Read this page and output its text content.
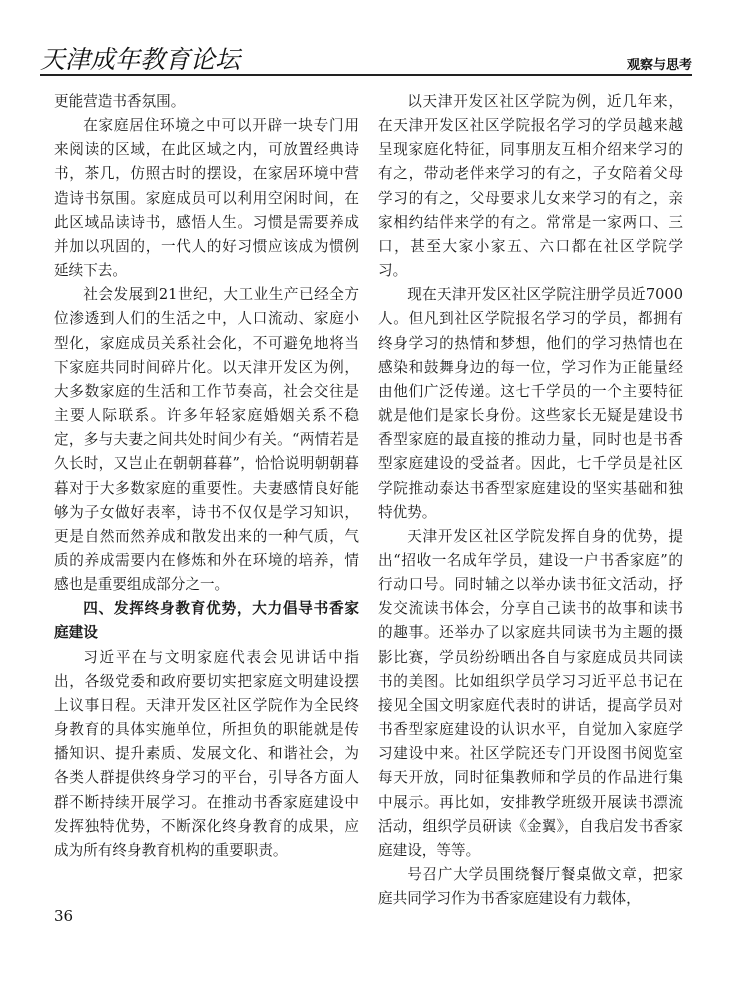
天津成年教育论坛	观察与思考

更能营造书香氛围。

在家庭居住环境之中可以开辟一块专门用来阅读的区域，在此区域之内，可放置经典诗书，茶几，仿照古时的摆设，在家居环境中营造诗书氛围。家庭成员可以利用空闲时间，在此区域品读诗书，感悟人生。习惯是需要养成并加以巩固的，一代人的好习惯应该成为惯例延续下去。

社会发展到21世纪，大工业生产已经全方位渗透到人们的生活之中，人口流动、家庭小型化，家庭成员关系社会化，不可避免地将当下家庭共同时间碎片化。以天津开发区为例，大多数家庭的生活和工作节奏高，社会交往是主要人际联系。许多年轻家庭婚姻关系不稳定，多与夫妻之间共处时间少有关。“两情若是久长时，又岂止在朝朝暮暮”，恰恰说明朝朝暮暮对于大多数家庭的重要性。夫妻感情良好能够为子女做好表率，诗书不仅仅是学习知识，更是自然而然养成和散发出来的一种气质，气质的养成需要内在修炼和外在环境的培养，情感也是重要组成部分之一。

四、发挥终身教育优势，大力倡导书香家庭建设

习近平在与文明家庭代表会见讲话中指出，各级党委和政府要切实把家庭文明建设摆上议事日程。天津开发区社区学院作为全民终身教育的具体实施单位，所担负的职能就是传播知识、提升素质、发展文化、和谐社会，为各类人群提供终身学习的平台，引导各方面人群不断持续开展学习。在推动书香家庭建设中发挥独特优势，不断深化终身教育的成果，应成为所有终身教育机构的重要职责。

以天津开发区社区学院为例，近几年来，在天津开发区社区学院报名学习的学员越来越呈现家庭化特征，同事朋友互相介绍来学习的有之，带动老伴来学习的有之，子女陪着父母学习的有之，父母要求儿女来学习的有之，亲家相约结伴来学的有之。常常是一家两口、三口，甚至大家小家五、六口都在社区学院学习。

现在天津开发区社区学院注册学员近7000人。但凡到社区学院报名学习的学员，都拥有终身学习的热情和梦想，他们的学习热情也在感染和鼓舞身边的每一位，学习作为正能量经由他们广泛传递。这七千学员的一个主要特征就是他们是家长身份。这些家长无疑是建设书香型家庭的最直接的推动力量，同时也是书香型家庭建设的受益者。因此，七千学员是社区学院推动泰达书香型家庭建设的坚实基础和独特优势。

天津开发区社区学院发挥自身的优势，提出“招收一名成年学员，建设一户书香家庭”的行动口号。同时辅之以举办读书征文活动，抒发交流读书体会，分享自己读书的故事和读书的趣事。还举办了以家庭共同读书为主题的摄影比赛，学员纷纷晒出各自与家庭成员共同读书的美图。比如组织学员学习习近平总书记在接见全国文明家庭代表时的讲话，提高学员对书香型家庭建设的认识水平，自觉加入家庭学习建设中来。社区学院还专门开设图书阅览室每天开放，同时征集教师和学员的作品进行集中展示。再比如，安排教学班级开展读书漂流活动，组织学员研读《金翼》，自我启发书香家庭建设，等等。

号召广大学员围绕餐厅餐桌做文章，把家庭共同学习作为书香家庭建设有力载体，

36
